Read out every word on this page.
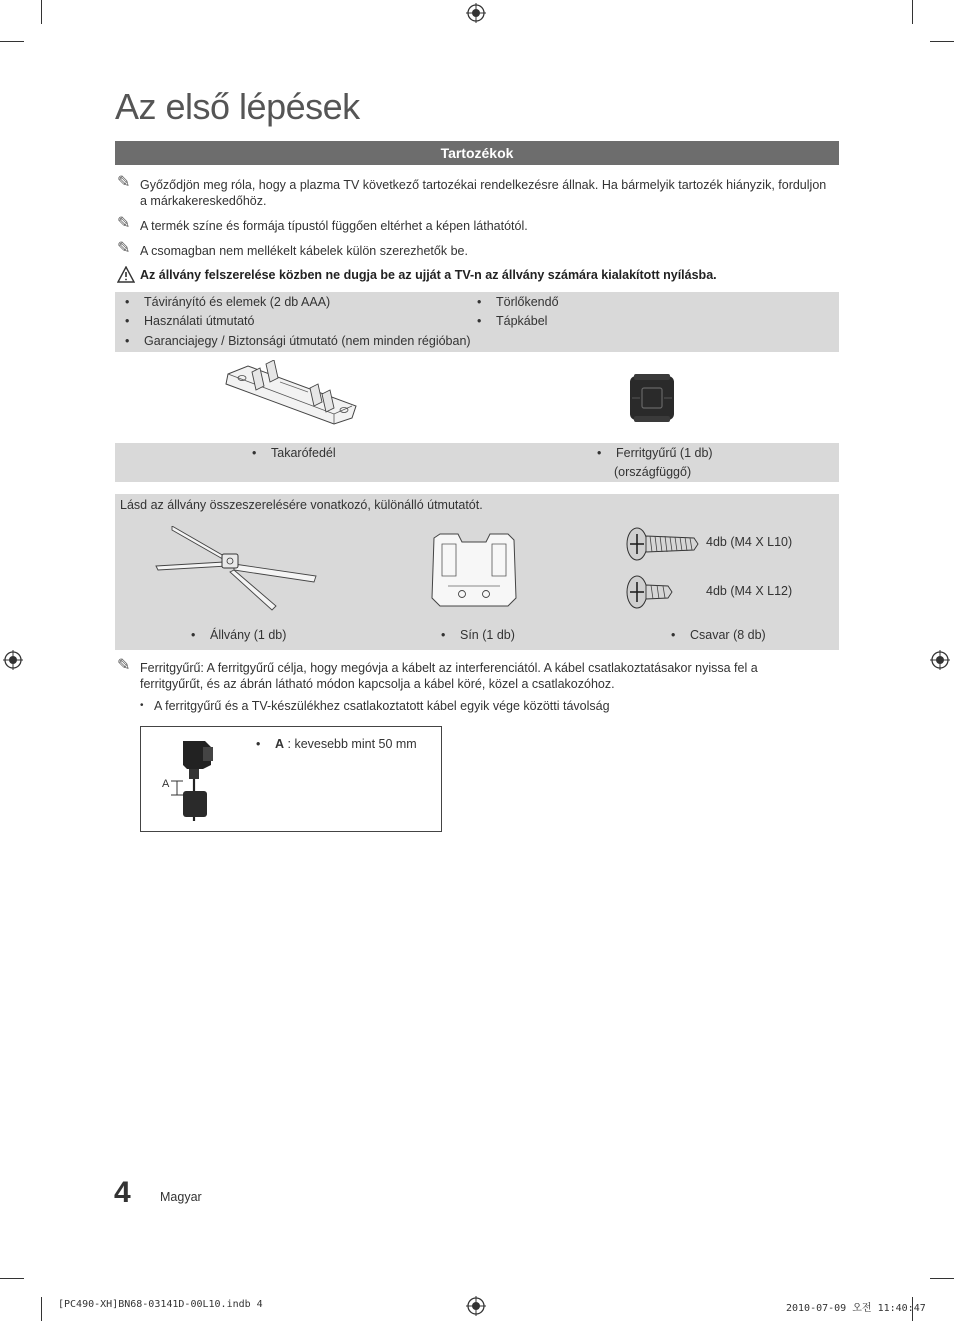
Az első lépések
Tartozékok
✎ Győződjön meg róla, hogy a plazma TV következő tartozékai rendelkezésre állnak. Ha bármelyik tartozék hiányzik, forduljon a márkakereskedőhöz.
✎ A termék színe és formája típustól függően eltérhet a képen láthatótól.
✎ A csomagban nem mellékelt kábelek külön szerezhetők be.
Az állvány felszerelése közben ne dugja be az ujját a TV-n az állvány számára kialakított nyílásba.
• Távirányító és elemek (2 db AAA)
• Használati útmutató
• Garanciajegy / Biztonsági útmutató (nem minden régióban)
• Törlőkendő
• Tápkábel
• Takarófedél	• Ferritgyűrű (1 db)
(országfüggő)
Lásd az állvány összeszerelésére vonatkozó, különálló útmutatót.
4db (M4 X L10)
4db (M4 X L12)
• Állvány (1 db)	• Sín (1 db)	• Csavar (8 db)
✎ Ferritgyűrű: A ferritgyűrű célja, hogy megóvja a kábelt az interferenciától. A kábel csatlakoztatásakor nyissa fel a ferritgyűrűt, és az ábrán látható módon kapcsolja a kábel köré, közel a csatlakozóhoz.
• A ferritgyűrű és a TV-készülékhez csatlakoztatott kábel egyik vége közötti távolság
A
• A : kevesebb mint 50 mm
4 Magyar
[PC490-XH]BN68-03141D-00L10.indb 4	2010-07-09 오전 11:40:47
